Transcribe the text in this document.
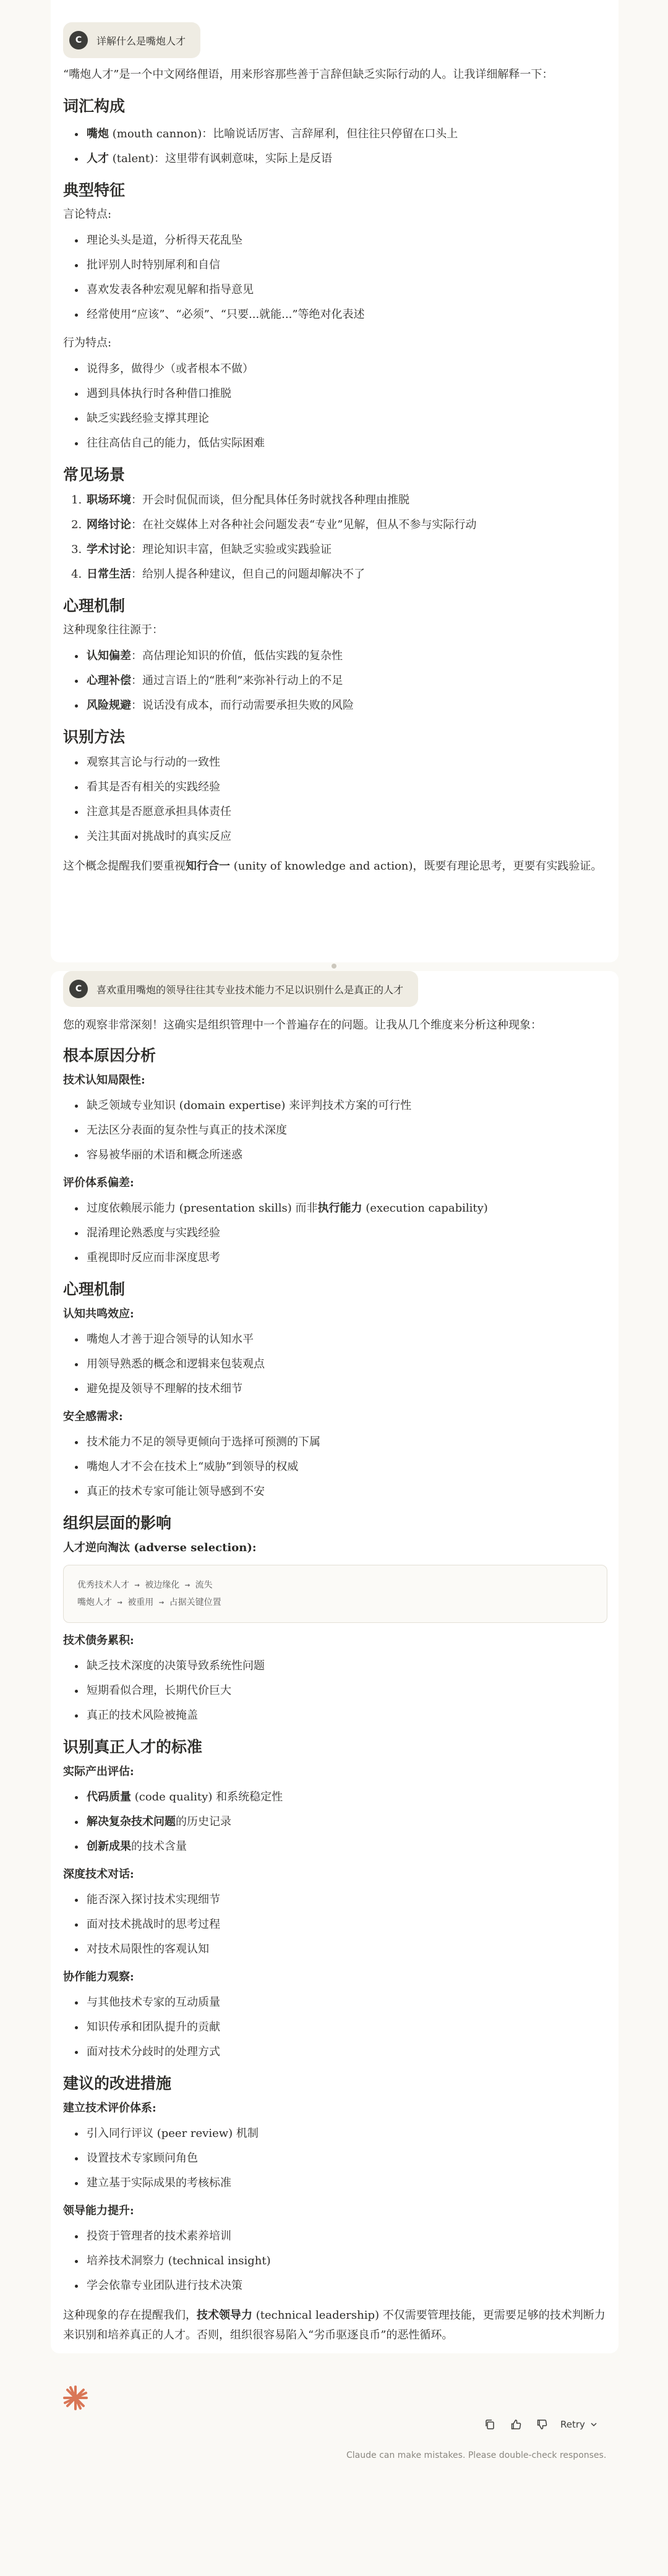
C	详解什么是嘴炮人才

“嘴炮人才”是一个中文网络俚语，用来形容那些善于言辞但缺乏实际行动的人。让我详细解释一下：

词汇构成
• 嘴炮 (mouth cannon)：比喻说话厉害、言辞犀利，但往往只停留在口头上
• 人才 (talent)：这里带有讽刺意味，实际上是反语
典型特征

言论特点:

• 理论头头是道，分析得天花乱坠
• 批评别人时特别犀利和自信
• 喜欢发表各种宏观见解和指导意见
• 经常使用“应该”、“必须”、“只要...就能...”等绝对化表述

行为特点:

• 说得多，做得少（或者根本不做）
• 遇到具体执行时各种借口推脱
• 缺乏实践经验支撑其理论
• 往往高估自己的能力，低估实际困难
常见场景
1. 职场环境：开会时侃侃而谈，但分配具体任务时就找各种理由推脱
2. 网络讨论：在社交媒体上对各种社会问题发表“专业”见解，但从不参与实际行动
3. 学术讨论：理论知识丰富，但缺乏实验或实践验证
4. 日常生活：给别人提各种建议，但自己的问题却解决不了
心理机制

这种现象往往源于：

• 认知偏差：高估理论知识的价值，低估实践的复杂性
• 心理补偿：通过言语上的“胜利”来弥补行动上的不足
• 风险规避：说话没有成本，而行动需要承担失败的风险
识别方法
• 观察其言论与行动的一致性
• 看其是否有相关的实践经验
• 注意其是否愿意承担具体责任
• 关注其面对挑战时的真实反应

这个概念提醒我们要重视知行合一 (unity of knowledge and action)，既要有理论思考，更要有实践验证。

C	喜欢重用嘴炮的领导往往其专业技术能力不足以识别什么是真正的人才

您的观察非常深刻！这确实是组织管理中一个普遍存在的问题。让我从几个维度来分析这种现象：

根本原因分析
技术认知局限性:
• 缺乏领域专业知识 (domain expertise) 来评判技术方案的可行性
• 无法区分表面的复杂性与真正的技术深度
• 容易被华丽的术语和概念所迷惑
评价体系偏差:
• 过度依赖展示能力 (presentation skills) 而非执行能力 (execution capability)
• 混淆理论熟悉度与实践经验
• 重视即时反应而非深度思考
心理机制
认知共鸣效应:
• 嘴炮人才善于迎合领导的认知水平
• 用领导熟悉的概念和逻辑来包装观点
• 避免提及领导不理解的技术细节
安全感需求:
• 技术能力不足的领导更倾向于选择可预测的下属
• 嘴炮人才不会在技术上“威胁”到领导的权威
• 真正的技术专家可能让领导感到不安
组织层面的影响
人才逆向淘汰 (adverse selection):
优秀技术人才 → 被边缘化 → 流失
嘴炮人才 → 被重用 → 占据关键位置
技术债务累积:
• 缺乏技术深度的决策导致系统性问题
• 短期看似合理，长期代价巨大
• 真正的技术风险被掩盖
识别真正人才的标准
实际产出评估:
• 代码质量 (code quality) 和系统稳定性
• 解决复杂技术问题的历史记录
• 创新成果的技术含量
深度技术对话:
• 能否深入探讨技术实现细节
• 面对技术挑战时的思考过程
• 对技术局限性的客观认知
协作能力观察:
• 与其他技术专家的互动质量
• 知识传承和团队提升的贡献
• 面对技术分歧时的处理方式
建议的改进措施
建立技术评价体系:
• 引入同行评议 (peer review) 机制
• 设置技术专家顾问角色
• 建立基于实际成果的考核标准
领导能力提升:
• 投资于管理者的技术素养培训
• 培养技术洞察力 (technical insight)
• 学会依靠专业团队进行技术决策

这种现象的存在提醒我们，技术领导力 (technical leadership) 不仅需要管理技能，更需要足够的技术判断力来识别和培养真正的人才。否则，组织很容易陷入“劣币驱逐良币”的恶性循环。

Retry
Claude can make mistakes. Please double-check responses.
